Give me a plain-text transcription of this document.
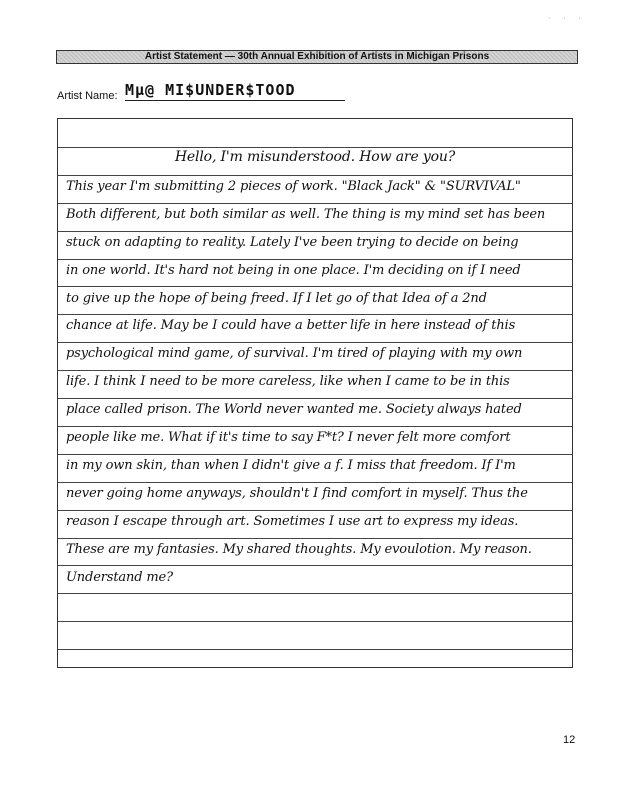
· · ·
Artist Statement — 30th Annual Exhibition of Artists in Michigan Prisons
Artist Name: Mµ@ MI$UNDER$TOOD
Hello, I'm misunderstood. How are you?
This year I'm submitting 2 pieces of work. "Black Jack" & "SURVIVAL"
Both different, but both similar as well. The thing is my mind set has been
stuck on adapting to reality. Lately I've been trying to decide on being
in one world. It's hard not being in one place. I'm deciding on if I need
to give up the hope of being freed. If I let go of that Idea of a 2nd
chance at life. May be I could have a better life in here instead of this
psychological mind game, of survival. I'm tired of playing with my own
life. I think I need to be more careless, like when I came to be in this
place called prison. The World never wanted me. Society always hated
people like me. What if it's time to say F*t? I never felt more comfort
in my own skin, than when I didn't give a f. I miss that freedom. If I'm
never going home anyways, shouldn't I find comfort in myself. Thus the
reason I escape through art. Sometimes I use art to express my ideas.
These are my fantasies. My shared thoughts. My evoulotion. My reason.
Understand me?
12
